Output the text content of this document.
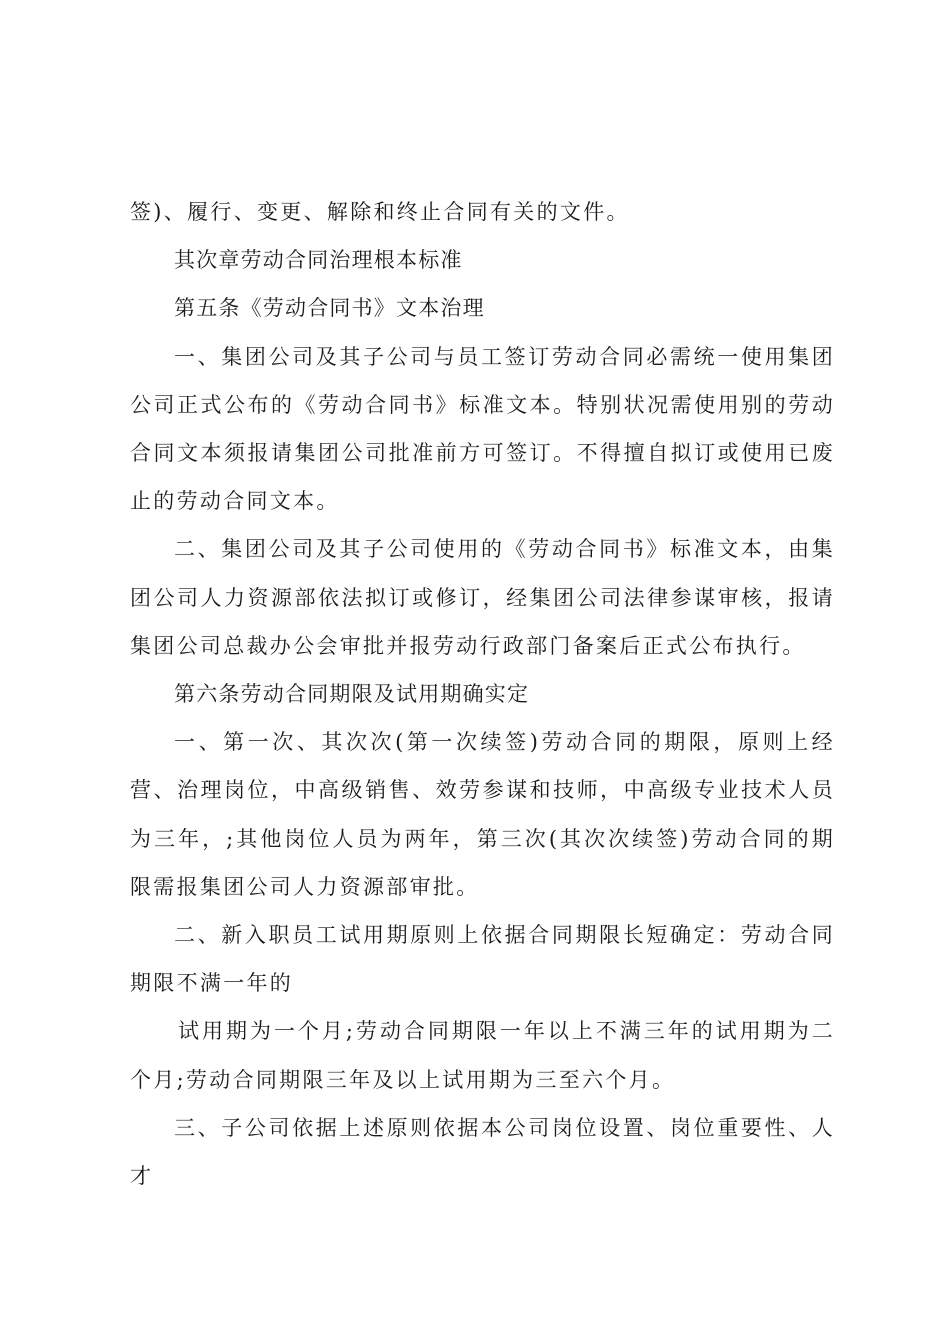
签)、履行、变更、解除和终止合同有关的文件。

其次章劳动合同治理根本标准

第五条《劳动合同书》文本治理

一、集团公司及其子公司与员工签订劳动合同必需统一使用集团公司正式公布的《劳动合同书》标准文本。特别状况需使用别的劳动合同文本须报请集团公司批准前方可签订。不得擅自拟订或使用已废止的劳动合同文本。

二、集团公司及其子公司使用的《劳动合同书》标准文本，由集团公司人力资源部依法拟订或修订，经集团公司法律参谋审核，报请集团公司总裁办公会审批并报劳动行政部门备案后正式公布执行。

第六条劳动合同期限及试用期确实定

一、第一次、其次次(第一次续签)劳动合同的期限，原则上经营、治理岗位，中高级销售、效劳参谋和技师，中高级专业技术人员为三年，;其他岗位人员为两年，第三次(其次次续签)劳动合同的期限需报集团公司人力资源部审批。

二、新入职员工试用期原则上依据合同期限长短确定：劳动合同期限不满一年的

试用期为一个月;劳动合同期限一年以上不满三年的试用期为二个月;劳动合同期限三年及以上试用期为三至六个月。

三、子公司依据上述原则依据本公司岗位设置、岗位重要性、人才
